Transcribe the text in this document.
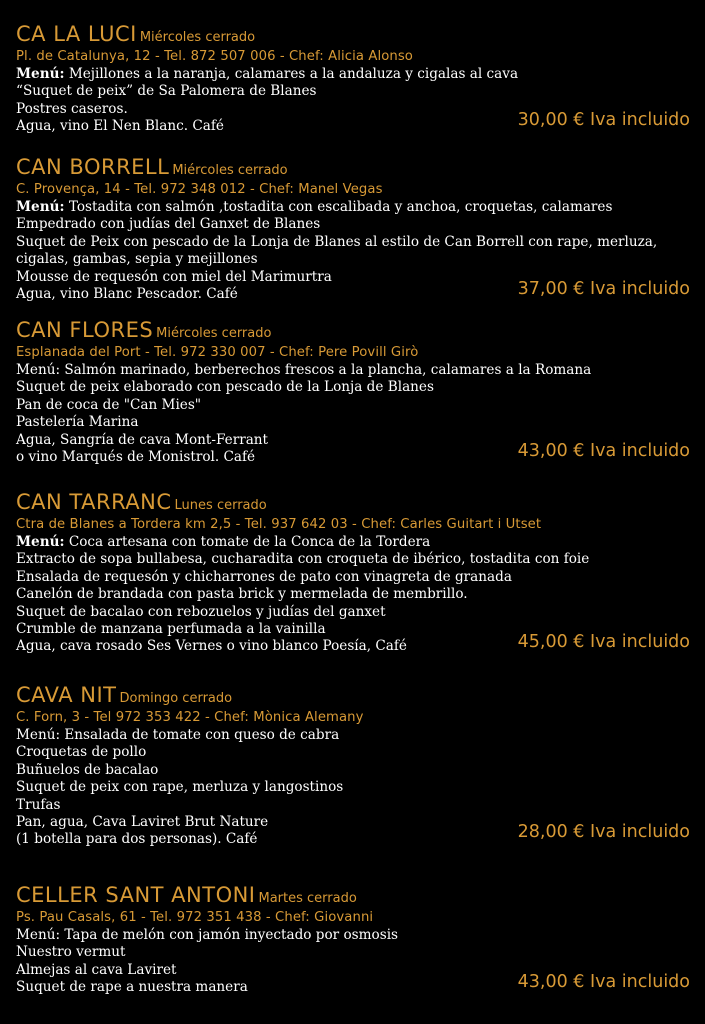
CA LA LUCI Miércoles cerrado
Pl. de Catalunya, 12 - Tel. 872 507 006 - Chef: Alicia Alonso
Menú: Mejillones a la naranja, calamares a la andaluza y cigalas al cava
“Suquet de peix” de Sa Palomera de Blanes
Postres caseros.
Agua, vino El Nen Blanc. Café	30,00 € Iva incluido
CAN BORRELL Miércoles cerrado
C. Provença, 14 - Tel. 972 348 012 - Chef: Manel Vegas
Menú: Tostadita con salmón ,tostadita con escalibada y anchoa, croquetas, calamares
Empedrado con judías del Ganxet de Blanes
Suquet de Peix con pescado de la Lonja de Blanes al estilo de Can Borrell con rape, merluza,
cigalas, gambas, sepia y mejillones
Mousse de requesón con miel del Marimurtra
Agua, vino Blanc Pescador. Café	37,00 € Iva incluido
CAN FLORES Miércoles cerrado
Esplanada del Port - Tel. 972 330 007 - Chef: Pere Povill Girò
Menú: Salmón marinado, berberechos frescos a la plancha, calamares a la Romana
Suquet de peix elaborado con pescado de la Lonja de Blanes
Pan de coca de "Can Mies"
Pastelería Marina
Agua, Sangría de cava Mont-Ferrant
o vino Marqués de Monistrol. Café	43,00 € Iva incluido
CAN TARRANC Lunes cerrado
Ctra de Blanes a Tordera km 2,5 - Tel. 937 642 03 - Chef: Carles Guitart i Utset
Menú: Coca artesana con tomate de la Conca de la Tordera
Extracto de sopa bullabesa, cucharadita con croqueta de ibérico, tostadita con foie
Ensalada de requesón y chicharrones de pato con vinagreta de granada
Canelón de brandada con pasta brick y mermelada de membrillo.
Suquet de bacalao con rebozuelos y judías del ganxet
Crumble de manzana perfumada a la vainilla
Agua, cava rosado Ses Vernes o vino blanco Poesía, Café	45,00 € Iva incluido
CAVA NIT Domingo cerrado
C. Forn, 3 - Tel 972 353 422 - Chef: Mònica Alemany
Menú: Ensalada de tomate con queso de cabra
Croquetas de pollo
Buñuelos de bacalao
Suquet de peix con rape, merluza y langostinos
Trufas
Pan, agua, Cava Laviret Brut Nature
(1 botella para dos personas). Café	28,00 € Iva incluido
CELLER SANT ANTONI Martes cerrado
Ps. Pau Casals, 61 - Tel. 972 351 438 - Chef: Giovanni
Menú: Tapa de melón con jamón inyectado por osmosis
Nuestro vermut
Almejas al cava Laviret
Suquet de rape a nuestra manera	43,00 € Iva incluido
